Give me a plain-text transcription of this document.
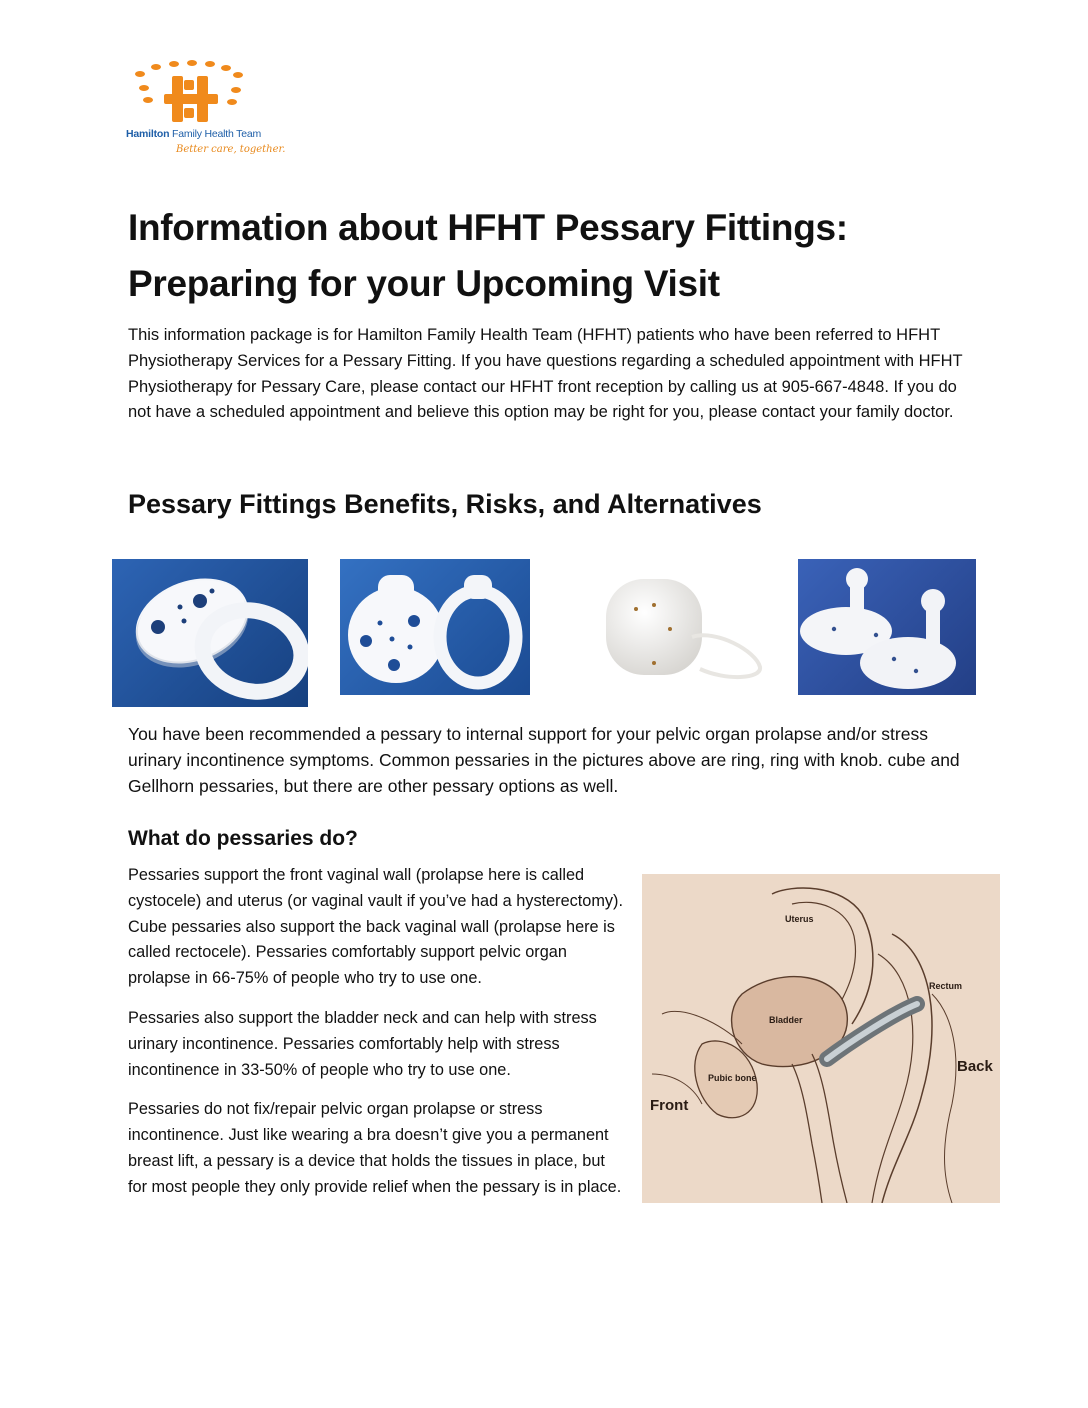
Hamilton Family Health Team
Better care, together.
Information about HFHT Pessary Fittings:
Preparing for your Upcoming Visit

This information package is for Hamilton Family Health Team (HFHT) patients who have been referred to HFHT Physiotherapy Services for a Pessary Fitting. If you have questions regarding a scheduled appointment with HFHT Physiotherapy for Pessary Care, please contact our HFHT front reception by calling us at 905-667-4848. If you do not have a scheduled appointment and believe this option may be right for you, please contact your family doctor.

Pessary Fittings Benefits, Risks, and Alternatives

You have been recommended a pessary to internal support for your pelvic organ prolapse and/or stress urinary incontinence symptoms. Common pessaries in the pictures above are ring, ring with knob. cube and Gellhorn pessaries, but there are other pessary options as well.

What do pessaries do?

Pessaries support the front vaginal wall (prolapse here is called cystocele) and uterus (or vaginal vault if you’ve had a hysterectomy). Cube pessaries also support the back vaginal wall (prolapse here is called rectocele). Pessaries comfortably support pelvic organ prolapse in 66-75% of people who try to use one.

Pessaries also support the bladder neck and can help with stress urinary incontinence. Pessaries comfortably help with stress incontinence in 33-50% of people who try to use one.

Pessaries do not fix/repair pelvic organ prolapse or stress incontinence. Just like wearing a bra doesn’t give you a permanent breast lift, a pessary is a device that holds the tissues in place, but for most people they only provide relief when the pessary is in place.

Uterus
Rectum
Bladder
Pubic bone
Back
Front
